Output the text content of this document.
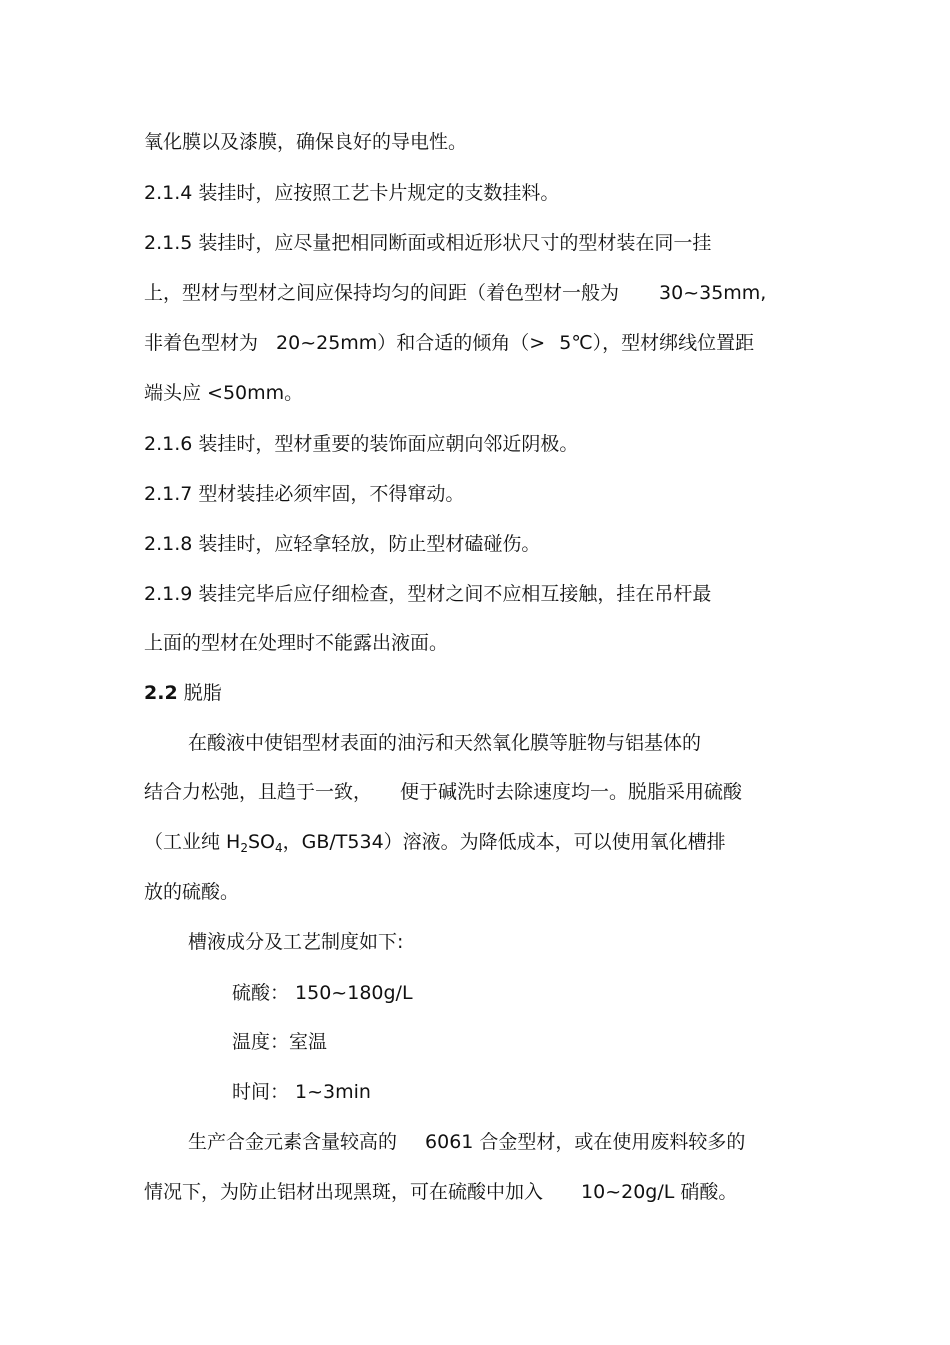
氧化膜以及漆膜，确保良好的导电性。
2.1.4 装挂时，应按照工艺卡片规定的支数挂料。
2.1.5 装挂时，应尽量把相同断面或相近形状尺寸的型材装在同一挂
上，型材与型材之间应保持均匀的间距（着色型材一般为 30~35mm,
非着色型材为 20~25mm）和合适的倾角（> 5℃），型材绑线位置距
端头应 <50mm。
2.1.6 装挂时，型材重要的装饰面应朝向邻近阴极。
2.1.7 型材装挂必须牢固，不得窜动。
2.1.8 装挂时，应轻拿轻放，防止型材磕碰伤。
2.1.9 装挂完毕后应仔细检查，型材之间不应相互接触，挂在吊杆最
上面的型材在处理时不能露出液面。
2.2 脱脂
在酸液中使铝型材表面的油污和天然氧化膜等脏物与铝基体的
结合力松弛，且趋于一致， 便于碱洗时去除速度均一。脱脂采用硫酸
（工业纯 $H_2SO_4$，GB/T534）溶液。为降低成本，可以使用氧化槽排
放的硫酸。
槽液成分及工艺制度如下:
硫酸： 150~180g/L
温度：室温
时间： 1~3min
生产合金元素含量较高的 6061 合金型材，或在使用废料较多的
情况下，为防止铝材出现黑斑，可在硫酸中加入 10~20g/L 硝酸。
